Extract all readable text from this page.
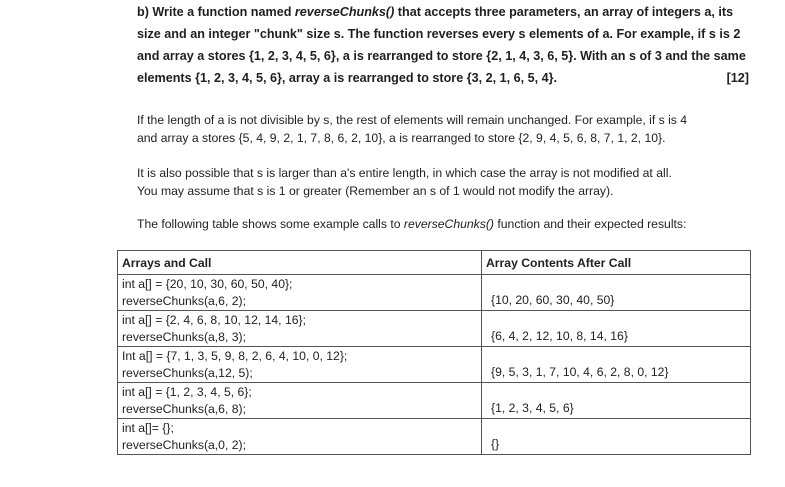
b) Write a function named reverseChunks() that accepts three parameters, an array of integers a, its

size and an integer "chunk" size s. The function reverses every s elements of a. For example, if s is 2

and array a stores {1, 2, 3, 4, 5, 6}, a is rearranged to store {2, 1, 4, 3, 6, 5}. With an s of 3 and the same

elements {1, 2, 3, 4, 5, 6}, array a is rearranged to store {3, 2, 1, 6, 5, 4}.	[12]

If the length of a is not divisible by s, the rest of elements will remain unchanged. For example, if s is 4

and array a stores {5, 4, 9, 2, 1, 7, 8, 6, 2, 10}, a is rearranged to store {2, 9, 4, 5, 6, 8, 7, 1, 2, 10}.

It is also possible that s is larger than a's entire length, in which case the array is not modified at all.

You may assume that s is 1 or greater (Remember an s of 1 would not modify the array).

The following table shows some example calls to reverseChunks() function and their expected results:

Arrays and Call	Array Contents After Call

int a[] = {20, 10, 30, 60, 50, 40};
reverseChunks(a,6, 2);	{10, 20, 60, 30, 40, 50}

int a[] = {2, 4, 6, 8, 10, 12, 14, 16};
reverseChunks(a,8, 3);	{6, 4, 2, 12, 10, 8, 14, 16}

Int a[] = {7, 1, 3, 5, 9, 8, 2, 6, 4, 10, 0, 12};
reverseChunks(a,12, 5);	{9, 5, 3, 1, 7, 10, 4, 6, 2, 8, 0, 12}

int a[] = {1, 2, 3, 4, 5, 6};
reverseChunks(a,6, 8);	{1, 2, 3, 4, 5, 6}

int a[]= {};
reverseChunks(a,0, 2);	{}
